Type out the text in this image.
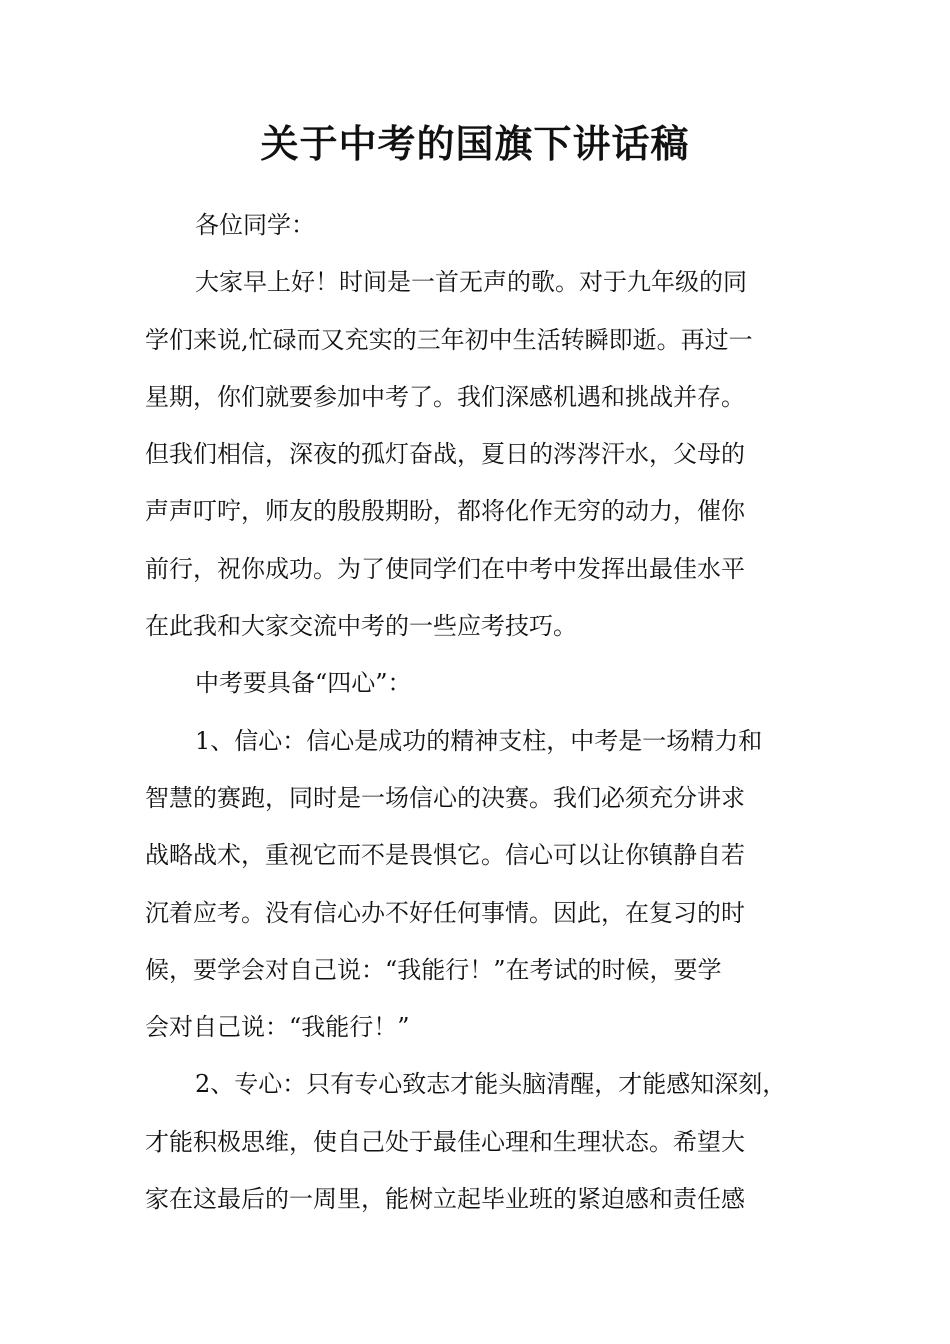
关于中考的国旗下讲话稿
各位同学：
大家早上好！时间是一首无声的歌。对于九年级的同
学们来说,忙碌而又充实的三年初中生活转瞬即逝。再过一
星期，你们就要参加中考了。我们深感机遇和挑战并存。
但我们相信，深夜的孤灯奋战，夏日的涔涔汗水，父母的
声声叮咛，师友的殷殷期盼，都将化作无穷的动力，催你
前行，祝你成功。为了使同学们在中考中发挥出最佳水平
在此我和大家交流中考的一些应考技巧。
中考要具备“四心”：
1、信心：信心是成功的精神支柱，中考是一场精力和
智慧的赛跑，同时是一场信心的决赛。我们必须充分讲求
战略战术，重视它而不是畏惧它。信心可以让你镇静自若
沉着应考。没有信心办不好任何事情。因此，在复习的时
候，要学会对自己说：“我能行！”在考试的时候，要学
会对自己说：“我能行！”
2、专心：只有专心致志才能头脑清醒，才能感知深刻，
才能积极思维，使自己处于最佳心理和生理状态。希望大
家在这最后的一周里，能树立起毕业班的紧迫感和责任感
